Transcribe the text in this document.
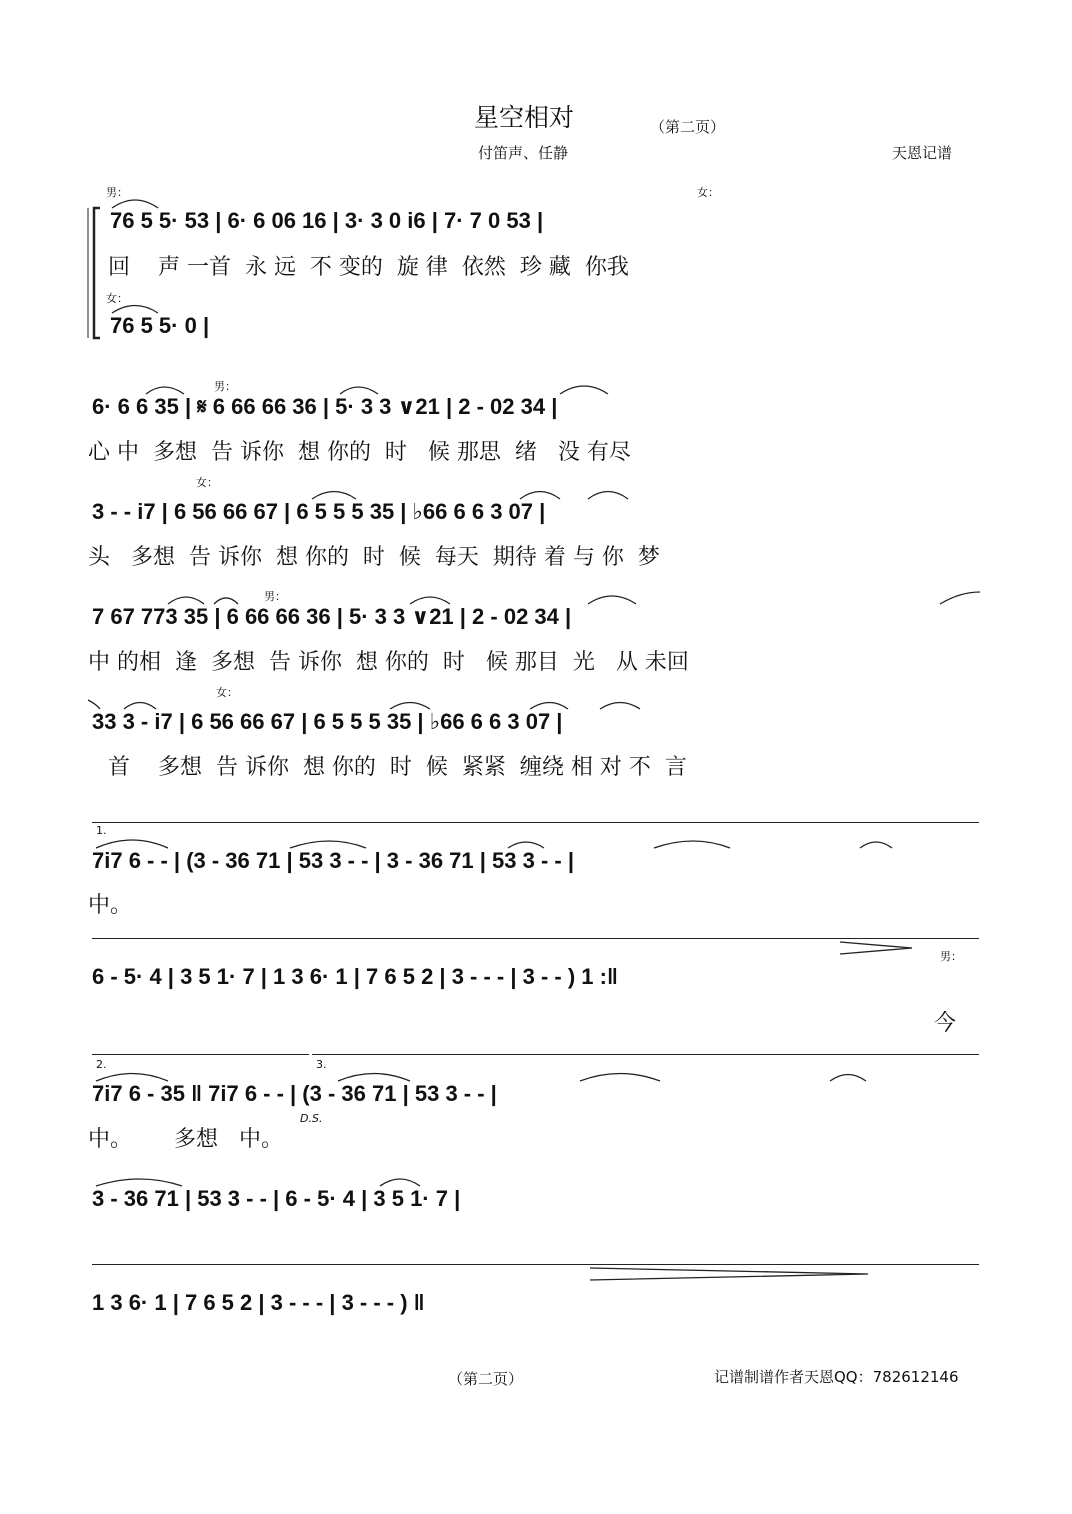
星空相对	（第二页）
付笛声、任静	天恩记谱
男：	女：
76 5 5· 53 | 6· 6 06 16 | 3· 3 0 i6 | 7· 7 0 53 |
回    声 一首  永 远  不 变的  旋 律  依然  珍 藏  你我
女：
76 5 5· 0 |
男：
6· 6 6 35 | 𝄋 6 66 66 36 | 5· 3 3 ∨21 | 2 - 02 34 |
心 中  多想  告 诉你  想 你的  时   候 那思  绪   没 有尽
女：
3 - - i7 | 6 56 66 67 | 6 5 5 5 35 | ♭66 6 6 3 07 |
头   多想  告 诉你  想 你的  时  候  每天  期待 着 与 你  梦
男：
7 67 773 35 | 6 66 66 36 | 5· 3 3 ∨21 | 2 - 02 34 |
中 的相  逢  多想  告 诉你  想 你的  时   候 那目  光   从 未回
女：
33 3 - i7 | 6 56 66 67 | 6 5 5 5 35 | ♭66 6 6 3 07 |
首    多想  告 诉你  想 你的  时  候  紧紧  缠绕 相 对 不  言
1.
7i7 6 - - | (3 - 36 71 | 53 3 - - | 3 - 36 71 | 53 3 - - |
中。
男：
6 - 5· 4 | 3 5 1· 7 | 1 3 6· 1 | 7 6 5 2 | 3 - - - | 3 - - ) 1 :‖
今
2.	3.
7i7 6 - 35 ‖ 7i7 6 - - | (3 - 36 71 | 53 3 - - |
D.S.
中。      多想   中。
3 - 36 71 | 53 3 - - | 6 - 5· 4 | 3 5 1· 7 |
1 3 6· 1 | 7 6 5 2 | 3 - - - | 3 - - - ) ‖
（第二页）	记谱制谱作者天恩QQ：782612146
